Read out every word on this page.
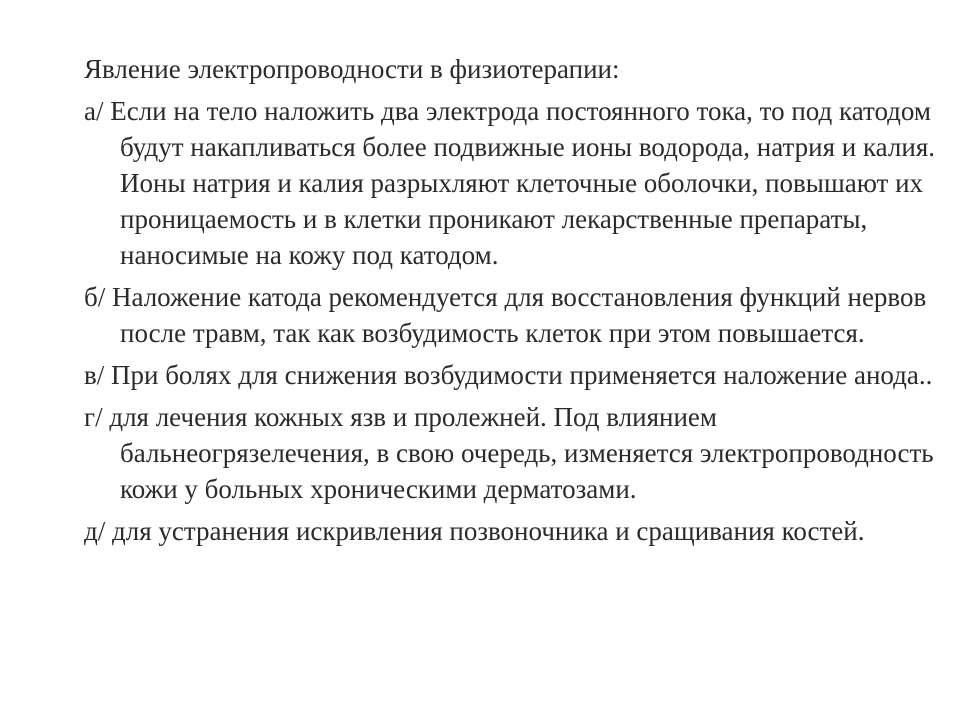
Явление электропроводности в физиотерапии:
а/ Если на тело наложить два электрода постоянного тока, то под катодом будут накапливаться более подвижные ионы водорода, натрия и калия. Ионы натрия и калия разрыхляют клеточные оболочки, повышают их проницаемость и в клетки проникают лекарственные препараты, наносимые на кожу под катодом.
б/ Наложение катода рекомендуется для восстановления функций нервов после травм, так как возбудимость клеток при этом повышается.
в/ При болях для снижения возбудимости применяется наложение анода..
г/ для лечения кожных язв и пролежней. Под влиянием бальнеогрязелечения, в свою очередь, изменяется электропроводность кожи у больных хроническими дерматозами.
д/ для устранения искривления позвоночника и сращивания костей.
